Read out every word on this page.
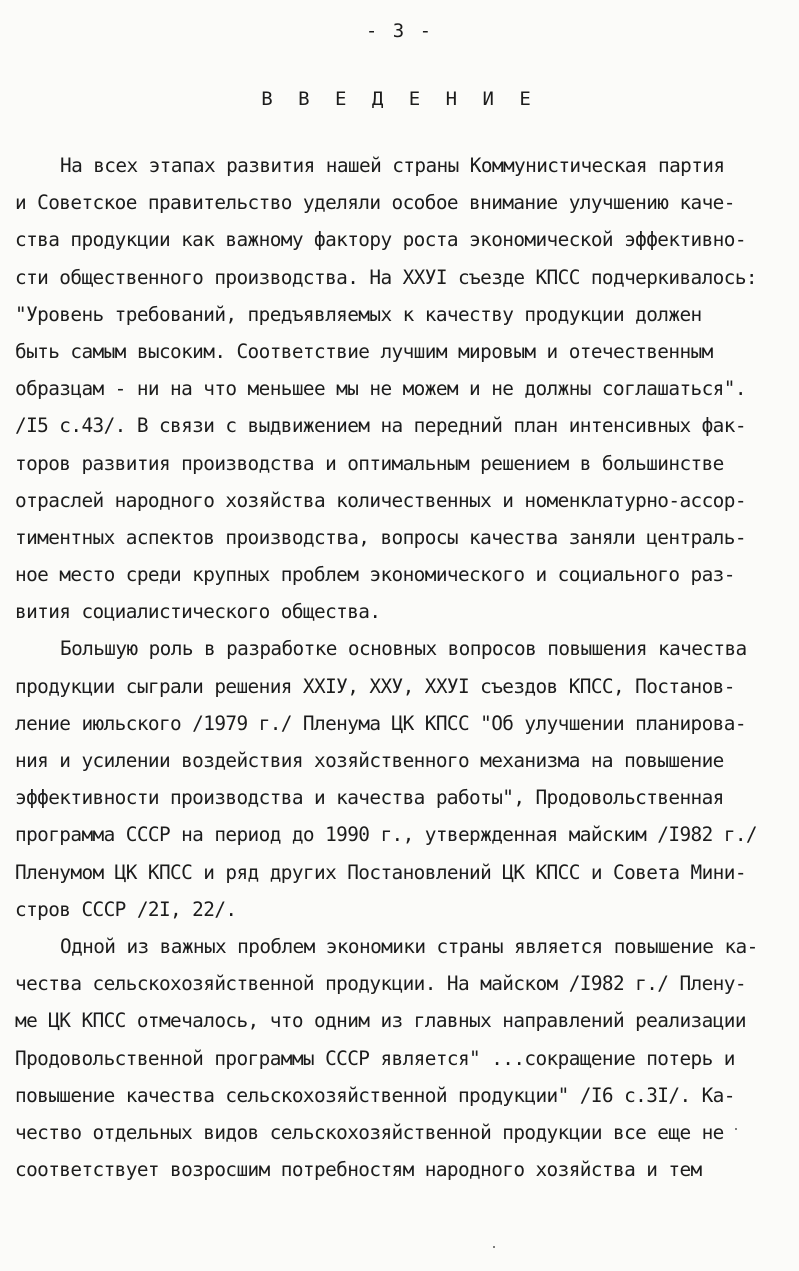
- 3 -
В В Е Д Е Н И Е
На всех этапах развития нашей страны Коммунистическая партия
и Советское правительство уделяли особое внимание улучшению каче-
ства продукции как важному фактору роста экономической эффективно-
сти общественного производства. На ХХУI съезде КПСС подчеркивалось:
"Уровень требований, предъявляемых к качеству продукции должен
быть самым высоким. Соответствие лучшим мировым и отечественным
образцам - ни на что меньшее мы не можем и не должны соглашаться".
/I5 с.43/. В связи с выдвижением на передний план интенсивных фак-
торов развития производства и оптимальным решением в большинстве
отраслей народного хозяйства количественных и номенклатурно-ассор-
тиментных аспектов производства, вопросы качества заняли централь-
ное место среди крупных проблем экономического и социального раз-
вития социалистического общества.
Большую роль в разработке основных вопросов повышения качества
продукции сыграли решения ХХIУ, ХХУ, ХХУI съездов КПСС, Постанов-
ление июльского /1979 г./ Пленума ЦК КПСС "Об улучшении планирова-
ния и усилении воздействия хозяйственного механизма на повышение
эффективности производства и качества работы", Продовольственная
программа СССР на период до 1990 г., утвержденная майским /I982 г./
Пленумом ЦК КПСС и ряд других Постановлений ЦК КПСС и Совета Мини-
стров СССР /2I, 22/.
Одной из важных проблем экономики страны является повышение ка-
чества сельскохозяйственной продукции. На майском /I982 г./ Плену-
ме ЦК КПСС отмечалось, что одним из главных направлений реализации
Продовольственной программы СССР является" ...сокращение потерь и
повышение качества сельскохозяйственной продукции" /I6 с.3I/. Ка-
чество отдельных видов сельскохозяйственной продукции все еще не
соответствует возросшим потребностям народного хозяйства и тем
